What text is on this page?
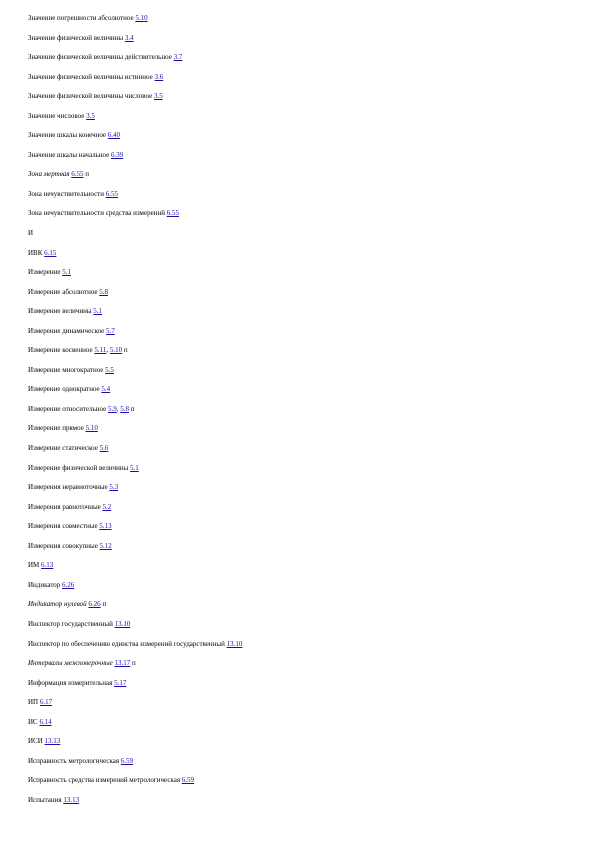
Значение погрешности абсолютное 5.10
Значение физической величины 3.4
Значение физической величины действительное 3.7
Значение физической величины истинное 3.6
Значение физической величины числовое 3.5
Значение числовое 3.5
Значение шкалы конечное 6.40
Значение шкалы начальное 6.39
Зона мертвая 6.55 п
Зона нечувствительности 6.55
Зона нечувствительности средства измерений 6.55
И
ИВК 6.15
Измерение 5.1
Измерение абсолютное 5.8
Измерение величины 5.1
Измерение динамическое 5.7
Измерение косвенное 5.11, 5.10 п
Измерение многократное 5.5
Измерение однократное 5.4
Измерение относительное 5.9, 5.8 п
Измерение прямое 5.10
Измерение статическое 5.6
Измерение физической величины 5.1
Измерения неравноточные 5.3
Измерения равноточные 5.2
Измерения совместные 5.13
Измерения совокупные 5.12
ИМ 6.13
Индикатор 6.26
Индикатор нулевой 6.26 п
Инспектор государственный 13.10
Инспектор по обеспечению единства измерений государственный 13.10
Интервалы межповерочные 13.17 п
Информация измерительная 5.17
ИП 6.17
ИС 6.14
ИСИ 13.13
Исправность метрологическая 6.59
Исправность средства измерений метрологическая 6.59
Испытания 13.13
